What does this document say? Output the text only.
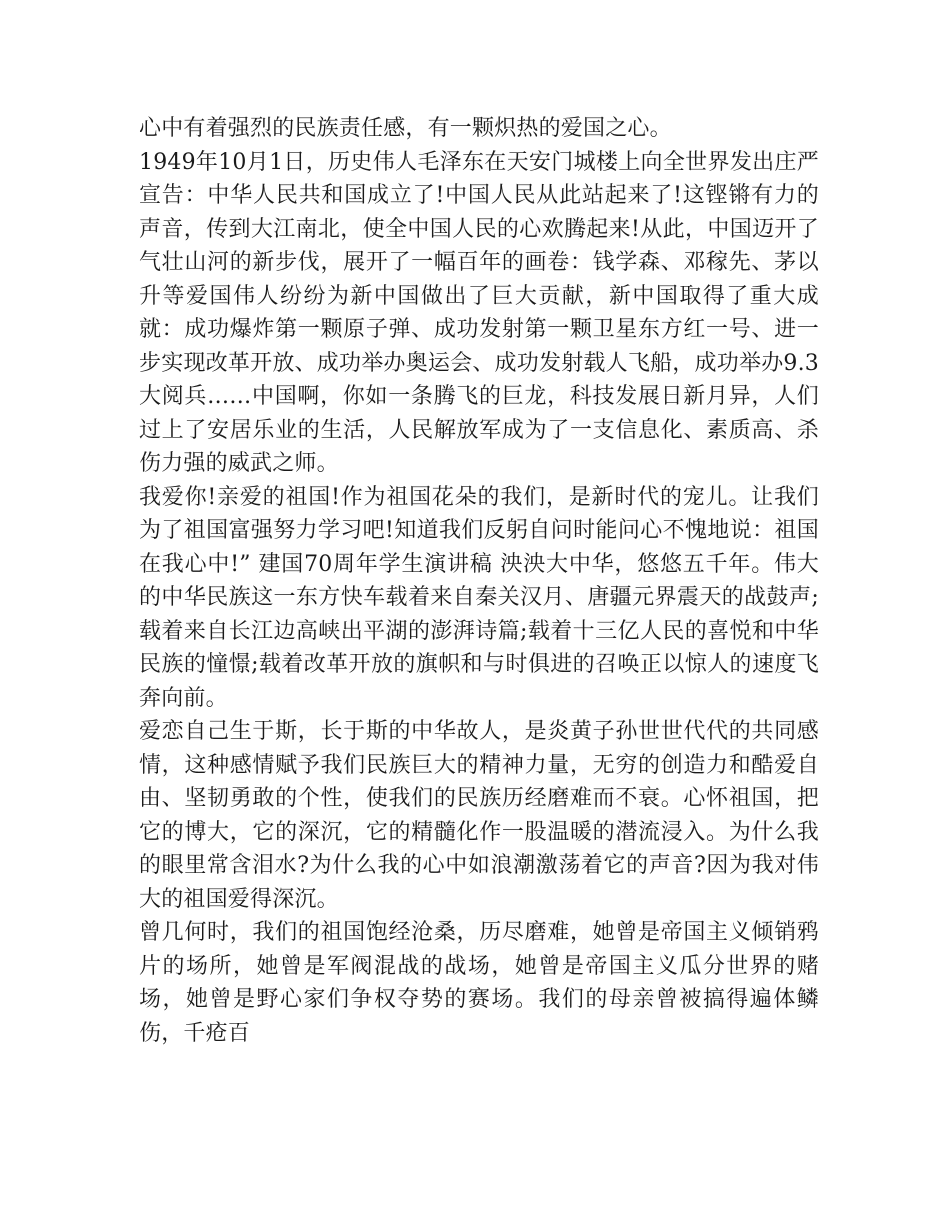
心中有着强烈的民族责任感，有一颗炽热的爱国之心。

1949年10月1日，历史伟人毛泽东在天安门城楼上向全世界发出庄严宣告：中华人民共和国成立了!中国人民从此站起来了!这铿锵有力的声音，传到大江南北，使全中国人民的心欢腾起来!从此，中国迈开了气壮山河的新步伐，展开了一幅百年的画卷：钱学森、邓稼先、茅以升等爱国伟人纷纷为新中国做出了巨大贡献，新中国取得了重大成就：成功爆炸第一颗原子弹、成功发射第一颗卫星东方红一号、进一步实现改革开放、成功举办奥运会、成功发射载人飞船，成功举办9.3大阅兵……中国啊，你如一条腾飞的巨龙，科技发展日新月异，人们过上了安居乐业的生活，人民解放军成为了一支信息化、素质高、杀伤力强的威武之师。

我爱你!亲爱的祖国!作为祖国花朵的我们，是新时代的宠儿。让我们为了祖国富强努力学习吧!知道我们反躬自问时能问心不愧地说：祖国在我心中!” 建国70周年学生演讲稿 泱泱大中华，悠悠五千年。伟大的中华民族这一东方快车载着来自秦关汉月、唐疆元界震天的战鼓声;载着来自长江边高峡出平湖的澎湃诗篇;载着十三亿人民的喜悦和中华民族的憧憬;载着改革开放的旗帜和与时俱进的召唤正以惊人的速度飞奔向前。

爱恋自己生于斯，长于斯的中华故人，是炎黄子孙世世代代的共同感情，这种感情赋予我们民族巨大的精神力量，无穷的创造力和酷爱自由、坚韧勇敢的个性，使我们的民族历经磨难而不衰。心怀祖国，把它的博大，它的深沉，它的精髓化作一股温暖的潜流浸入。为什么我的眼里常含泪水?为什么我的心中如浪潮激荡着它的声音?因为我对伟大的祖国爱得深沉。

曾几何时，我们的祖国饱经沧桑，历尽磨难，她曾是帝国主义倾销鸦片的场所，她曾是军阀混战的战场，她曾是帝国主义瓜分世界的赌场，她曾是野心家们争权夺势的赛场。我们的母亲曾被搞得遍体鳞伤，千疮百
